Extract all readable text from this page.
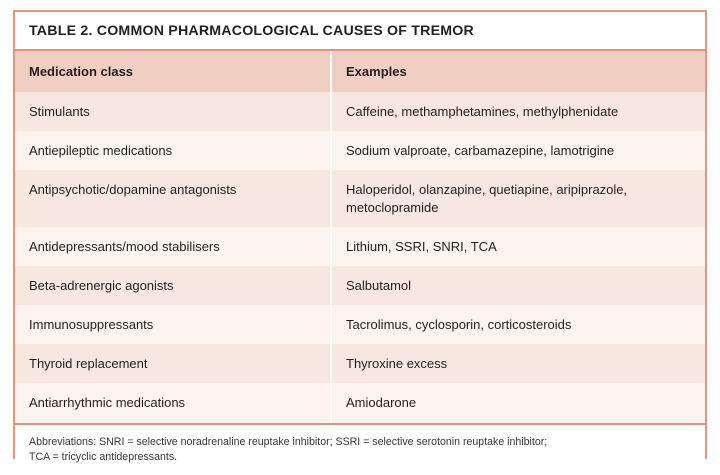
TABLE 2. COMMON PHARMACOLOGICAL CAUSES OF TREMOR
Medication class	Examples
Stimulants	Caffeine, methamphetamines, methylphenidate
Antiepileptic medications	Sodium valproate, carbamazepine, lamotrigine
Antipsychotic/dopamine antagonists	Haloperidol, olanzapine, quetiapine, aripiprazole, metoclopramide
Antidepressants/mood stabilisers	Lithium, SSRI, SNRI, TCA
Beta-adrenergic agonists	Salbutamol
Immunosuppressants	Tacrolimus, cyclosporin, corticosteroids
Thyroid replacement	Thyroxine excess
Antiarrhythmic medications	Amiodarone
Abbreviations: SNRI = selective noradrenaline reuptake inhibitor; SSRI = selective serotonin reuptake inhibitor;
TCA = tricyclic antidepressants.
